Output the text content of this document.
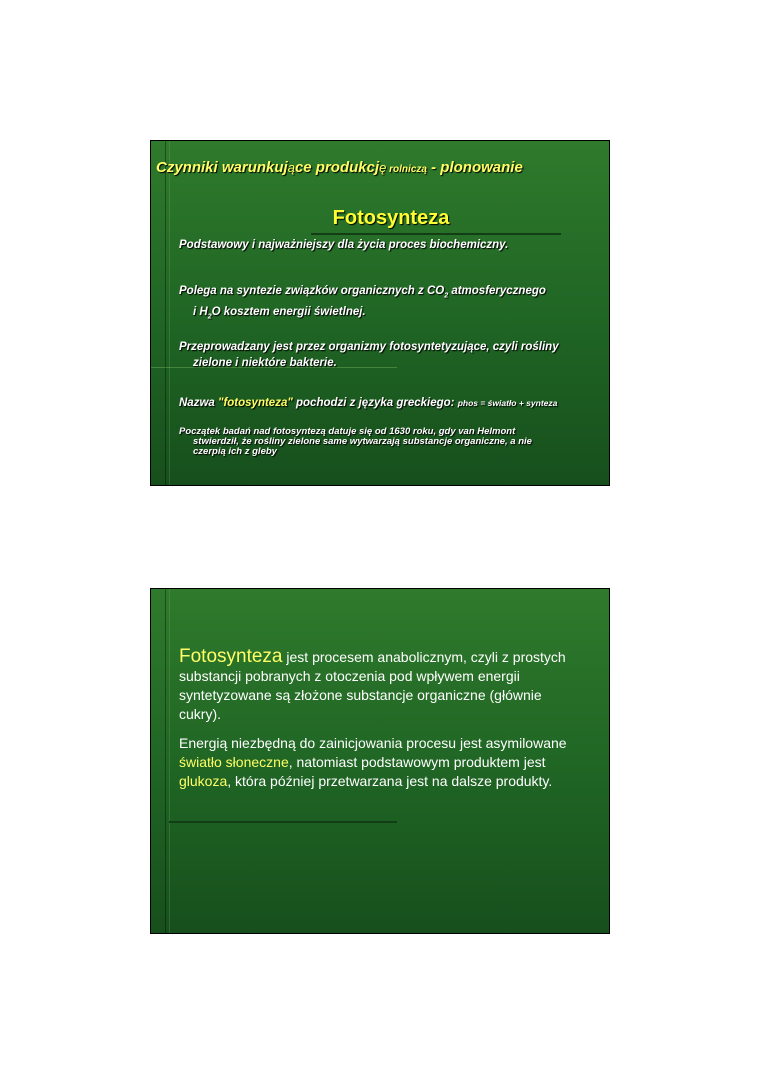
Czynniki warunkujące produkcję rolniczą - plonowanie
Fotosynteza
Podstawowy i najważniejszy dla życia proces biochemiczny.
Polega na syntezie związków organicznych z $CO_2$ atmosferycznego
i $H_2O$ kosztem energii świetlnej.
Przeprowadzany jest przez organizmy fotosyntetyzujące, czyli rośliny
zielone i niektóre bakterie.
Nazwa "fotosynteza" pochodzi z języka greckiego: phos = światło + synteza
Początek badań nad fotosyntezą datuje się od 1630 roku, gdy van Helmont
stwierdził, że rośliny zielone same wytwarzają substancje organiczne, a nie
czerpią ich z gleby
Fotosynteza jest procesem anabolicznym, czyli z prostych substancji pobranych z otoczenia pod wpływem energii syntetyzowane są złożone substancje organiczne (głównie cukry).
Energią niezbędną do zainicjowania procesu jest asymilowane światło słoneczne, natomiast podstawowym produktem jest glukoza, która później przetwarzana jest na dalsze produkty.
